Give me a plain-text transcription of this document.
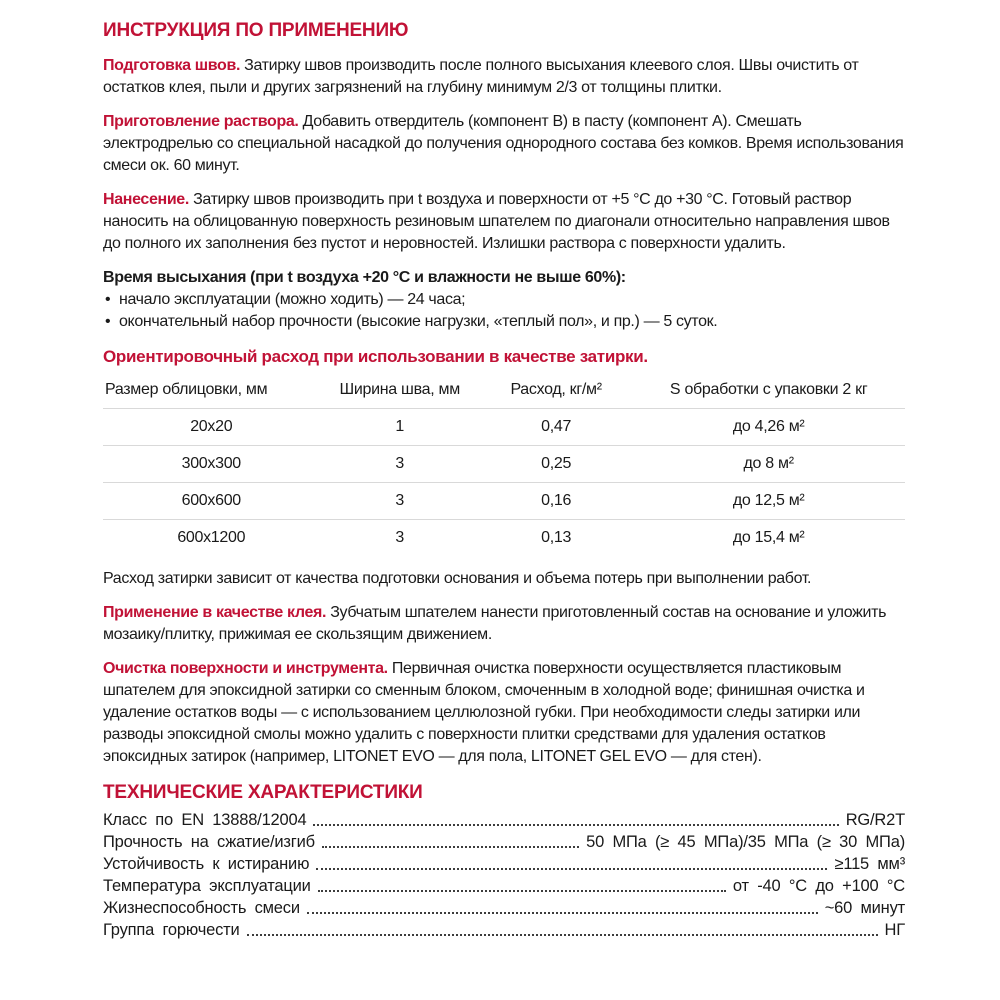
ИНСТРУКЦИЯ ПО ПРИМЕНЕНИЮ

Подготовка швов. Затирку швов производить после полного высыхания клеевого слоя. Швы очистить от остатков клея, пыли и других загрязнений на глубину минимум 2/3 от толщины плитки.

Приготовление раствора. Добавить отвердитель (компонент B) в пасту (компонент A). Смешать электродрелью со специальной насадкой до получения однородного состава без комков. Время использования смеси ок. 60 минут.

Нанесение. Затирку швов производить при t воздуха и поверхности от +5 °C до +30 °C. Готовый раствор наносить на облицованную поверхность резиновым шпателем по диагонали относительно направления швов до полного их заполнения без пустот и неровностей. Излишки раствора с поверхности удалить.

Время высыхания (при t воздуха +20 °C и влажности не выше 60%):

• начало эксплуатации (можно ходить) — 24 часа;
• окончательный набор прочности (высокие нагрузки, «теплый пол», и пр.) — 5 суток.
Ориентировочный расход при использовании в качестве затирки.
Размер облицовки, мм	Ширина шва, мм	Расход, кг/м²	S обработки с упаковки 2 кг
20x20	1	0,47	до 4,26 м²
300x300	3	0,25	до 8 м²
600x600	3	0,16	до 12,5 м²
600x1200	3	0,13	до 15,4 м²

Расход затирки зависит от качества подготовки основания и объема потерь при выполнении работ.

Применение в качестве клея. Зубчатым шпателем нанести приготовленный состав на основание и уложить мозаику/плитку, прижимая ее скользящим движением.

Очистка поверхности и инструмента. Первичная очистка поверхности осуществляется пластиковым шпателем для эпоксидной затирки со сменным блоком, смоченным в холодной воде; финишная очистка и удаление остатков воды — с использованием целлюлозной губки. При необходимости следы затирки или разводы эпоксидной смолы можно удалить с поверхности плитки средствами для удаления остатков эпоксидных затирок (например, LITONET EVO — для пола, LITONET GEL EVO — для стен).

ТЕХНИЧЕСКИЕ ХАРАКТЕРИСТИКИ
Класс по EN 13888/12004	RG/R2T
Прочность на сжатие/изгиб	50 МПа (≥ 45 МПа)/35 МПа (≥ 30 МПа)
Устойчивость к истиранию	≥115 мм³
Температура эксплуатации	от -40 °C до +100 °C
Жизнеспособность смеси	~60 минут
Группа горючести	НГ
